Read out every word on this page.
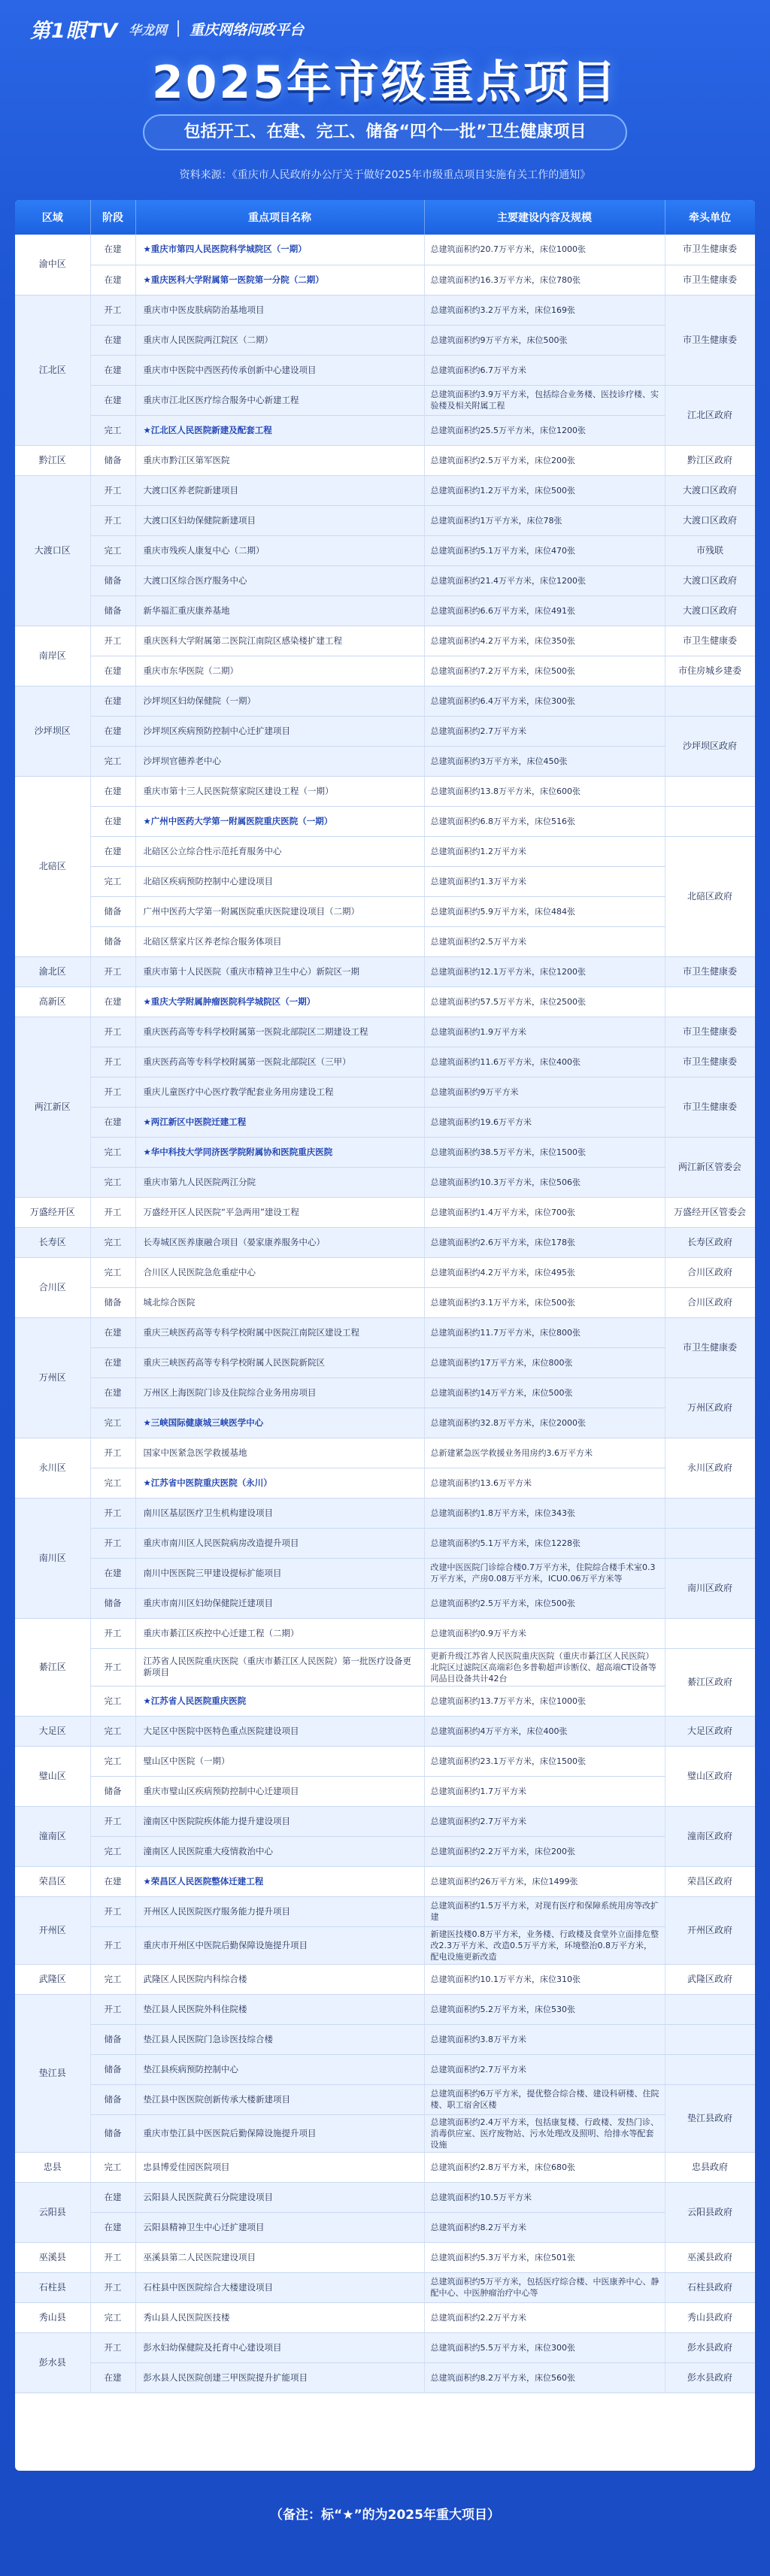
第1眼TV 华龙网 重庆网络问政平台
2025年市级重点项目
包括开工、在建、完工、储备“四个一批”卫生健康项目
资料来源：《重庆市人民政府办公厅关于做好2025年市级重点项目实施有关工作的通知》
区域	阶段	重点项目名称	主要建设内容及规模	牵头单位
渝中区	在建	★重庆市第四人民医院科学城院区（一期）	总建筑面积约20.7万平方米，床位1000张	市卫生健康委
	在建	★重庆医科大学附属第一医院第一分院（二期）	总建筑面积约16.3万平方米，床位780张	市卫生健康委
江北区	开工	重庆市中医皮肤病防治基地项目	总建筑面积约3.2万平方米，床位169张	市卫生健康委
	在建	重庆市人民医院两江院区（二期）	总建筑面积约9万平方米，床位500张	
	在建	重庆市中医院中西医药传承创新中心建设项目	总建筑面积约6.7万平方米	
	在建	重庆市江北区医疗综合服务中心新建工程	总建筑面积约3.9万平方米，包括综合业务楼、医技诊疗楼、实验楼及相关附属工程	江北区政府
	完工	★江北区人民医院新建及配套工程	总建筑面积约25.5万平方米，床位1200张	
黔江区	储备	重庆市黔江区第军医院	总建筑面积约2.5万平方米，床位200张	黔江区政府
大渡口区	开工	大渡口区养老院新建项目	总建筑面积约1.2万平方米，床位500张	大渡口区政府
	开工	大渡口区妇幼保健院新建项目	总建筑面积约1万平方米，床位78张	大渡口区政府
	完工	重庆市残疾人康复中心（二期）	总建筑面积约5.1万平方米，床位470张	市残联
	储备	大渡口区综合医疗服务中心	总建筑面积约21.4万平方米，床位1200张	大渡口区政府
	储备	新华福汇重庆康养基地	总建筑面积约6.6万平方米，床位491张	大渡口区政府
南岸区	开工	重庆医科大学附属第二医院江南院区感染楼扩建工程	总建筑面积约4.2万平方米，床位350张	市卫生健康委
	在建	重庆市东华医院（二期）	总建筑面积约7.2万平方米，床位500张	市住房城乡建委
沙坪坝区	在建	沙坪坝区妇幼保健院（一期）	总建筑面积约6.4万平方米，床位300张	
	在建	沙坪坝区疾病预防控制中心迁扩建项目	总建筑面积约2.7万平方米	沙坪坝区政府
	完工	沙坪坝官德养老中心	总建筑面积约3万平方米，床位450张	
北碚区	在建	重庆市第十三人民医院蔡家院区建设工程（一期）	总建筑面积约13.8万平方米，床位600张	
	在建	★广州中医药大学第一附属医院重庆医院（一期）	总建筑面积约6.8万平方米，床位516张	
	在建	北碚区公立综合性示范托育服务中心	总建筑面积约1.2万平方米	北碚区政府
	完工	北碚区疾病预防控制中心建设项目	总建筑面积约1.3万平方米	
	储备	广州中医药大学第一附属医院重庆医院建设项目（二期）	总建筑面积约5.9万平方米，床位484张	
	储备	北碚区蔡家片区养老综合服务体项目	总建筑面积约2.5万平方米	
渝北区	开工	重庆市第十人民医院（重庆市精神卫生中心）新院区一期	总建筑面积约12.1万平方米，床位1200张	市卫生健康委
高新区	在建	★重庆大学附属肿瘤医院科学城院区（一期）	总建筑面积约57.5万平方米，床位2500张	
两江新区	开工	重庆医药高等专科学校附属第一医院北部院区二期建设工程	总建筑面积约1.9万平方米	市卫生健康委
	开工	重庆医药高等专科学校附属第一医院北部院区（三甲）	总建筑面积约11.6万平方米，床位400张	市卫生健康委
	开工	重庆儿童医疗中心医疗教学配套业务用房建设工程	总建筑面积约9万平方米	市卫生健康委
	在建	★两江新区中医院迁建工程	总建筑面积约19.6万平方米	
	完工	★华中科技大学同济医学院附属协和医院重庆医院	总建筑面积约38.5万平方米，床位1500张	两江新区管委会
	完工	重庆市第九人民医院两江分院	总建筑面积约10.3万平方米，床位506张	
万盛经开区	开工	万盛经开区人民医院“平急两用”建设工程	总建筑面积约1.4万平方米，床位700张	万盛经开区管委会
长寿区	完工	长寿城区医养康融合项目（晏家康养服务中心）	总建筑面积约2.6万平方米，床位178张	长寿区政府
合川区	完工	合川区人民医院急危重症中心	总建筑面积约4.2万平方米，床位495张	合川区政府
	储备	城北综合医院	总建筑面积约3.1万平方米，床位500张	合川区政府
万州区	在建	重庆三峡医药高等专科学校附属中医院江南院区建设工程	总建筑面积约11.7万平方米，床位800张	市卫生健康委
	在建	重庆三峡医药高等专科学校附属人民医院新院区	总建筑面积约17万平方米，床位800张	
	在建	万州区上海医院门诊及住院综合业务用房项目	总建筑面积约14万平方米，床位500张	万州区政府
	完工	★三峡国际健康城三峡医学中心	总建筑面积约32.8万平方米，床位2000张	
永川区	开工	国家中医紧急医学救援基地	总新建紧急医学救援业务用房约3.6万平方米	永川区政府
	完工	★江苏省中医院重庆医院（永川）	总建筑面积约13.6万平方米	
南川区	开工	南川区基层医疗卫生机构建设项目	总建筑面积约1.8万平方米，床位343张	
	开工	重庆市南川区人民医院病房改造提升项目	总建筑面积约5.1万平方米，床位1228张	
	在建	南川中医医院三甲建设提标扩能项目	改建中医医院门诊综合楼0.7万平方米，住院综合楼手术室0.3万平方米，产房0.08万平方米，ICU0.06万平方米等	南川区政府
	储备	重庆市南川区妇幼保健院迁建项目	总建筑面积约2.5万平方米，床位500张	
綦江区	开工	重庆市綦江区疾控中心迁建工程（二期）	总建筑面积约0.9万平方米	
	开工	江苏省人民医院重庆医院（重庆市綦江区人民医院）第一批医疗设备更新项目	更新升级江苏省人民医院重庆医院（重庆市綦江区人民医院）北院区过滤院区高端彩色多普勒超声诊断仪、超高端CT设备等同品目设备共计42台	綦江区政府
	完工	★江苏省人民医院重庆医院	总建筑面积约13.7万平方米，床位1000张	
大足区	完工	大足区中医院中医特色重点医院建设项目	总建筑面积约4万平方米，床位400张	大足区政府
璧山区	完工	璧山区中医院（一期）	总建筑面积约23.1万平方米，床位1500张	璧山区政府
	储备	重庆市璧山区疾病预防控制中心迁建项目	总建筑面积约1.7万平方米	
潼南区	开工	潼南区中医院院疾体能力提升建设项目	总建筑面积约2.7万平方米	潼南区政府
	完工	潼南区人民医院重大疫情救治中心	总建筑面积约2.2万平方米，床位200张	
荣昌区	在建	★荣昌区人民医院整体迁建工程	总建筑面积约26万平方米，床位1499张	荣昌区政府
开州区	开工	开州区人民医院医疗服务能力提升项目	总建筑面积约1.5万平方米，对现有医疗和保障系统用房等改扩建	开州区政府
	开工	重庆市开州区中医院后勤保障设施提升项目	新建医技楼0.8万平方米，业务楼、行政楼及食堂外立面排危整改2.3万平方米、改造0.5万平方米，环境整治0.8万平方米，配电设施更新改造	
武隆区	完工	武隆区人民医院内科综合楼	总建筑面积约10.1万平方米，床位310张	武隆区政府
垫江县	开工	垫江县人民医院外科住院楼	总建筑面积约5.2万平方米，床位530张	
	储备	垫江县人民医院门急诊医技综合楼	总建筑面积约3.8万平方米	
	储备	垫江县疾病预防控制中心	总建筑面积约2.7万平方米	
	储备	垫江县中医医院创新传承大楼新建项目	总建筑面积约6万平方米，提优整合综合楼、建设科研楼、住院楼、职工宿舍区楼	垫江县政府
	储备	重庆市垫江县中医医院后勤保障设施提升项目	总建筑面积约2.4万平方米，包括康复楼、行政楼、发热门诊、消毒供应室、医疗废物站、污水处理改及照明、给排水等配套设施	
忠县	完工	忠县博爱佳园医院项目	总建筑面积约2.8万平方米，床位680张	忠县政府
云阳县	在建	云阳县人民医院黄石分院建设项目	总建筑面积约10.5万平方米	云阳县政府
	在建	云阳县精神卫生中心迁扩建项目	总建筑面积约8.2万平方米	
巫溪县	开工	巫溪县第二人民医院建设项目	总建筑面积约5.3万平方米，床位501张	巫溪县政府
石柱县	开工	石柱县中医医院综合大楼建设项目	总建筑面积约5万平方米，包括医疗综合楼、中医康养中心、静配中心、中医肿瘤治疗中心等	石柱县政府
秀山县	完工	秀山县人民医院医技楼	总建筑面积约2.2万平方米	秀山县政府
彭水县	开工	彭水妇幼保健院及托育中心建设项目	总建筑面积约5.5万平方米，床位300张	彭水县政府
	在建	彭水县人民医院创建三甲医院提升扩能项目	总建筑面积约8.2万平方米，床位560张	彭水县政府
（备注：标“★”的为2025年重大项目）
